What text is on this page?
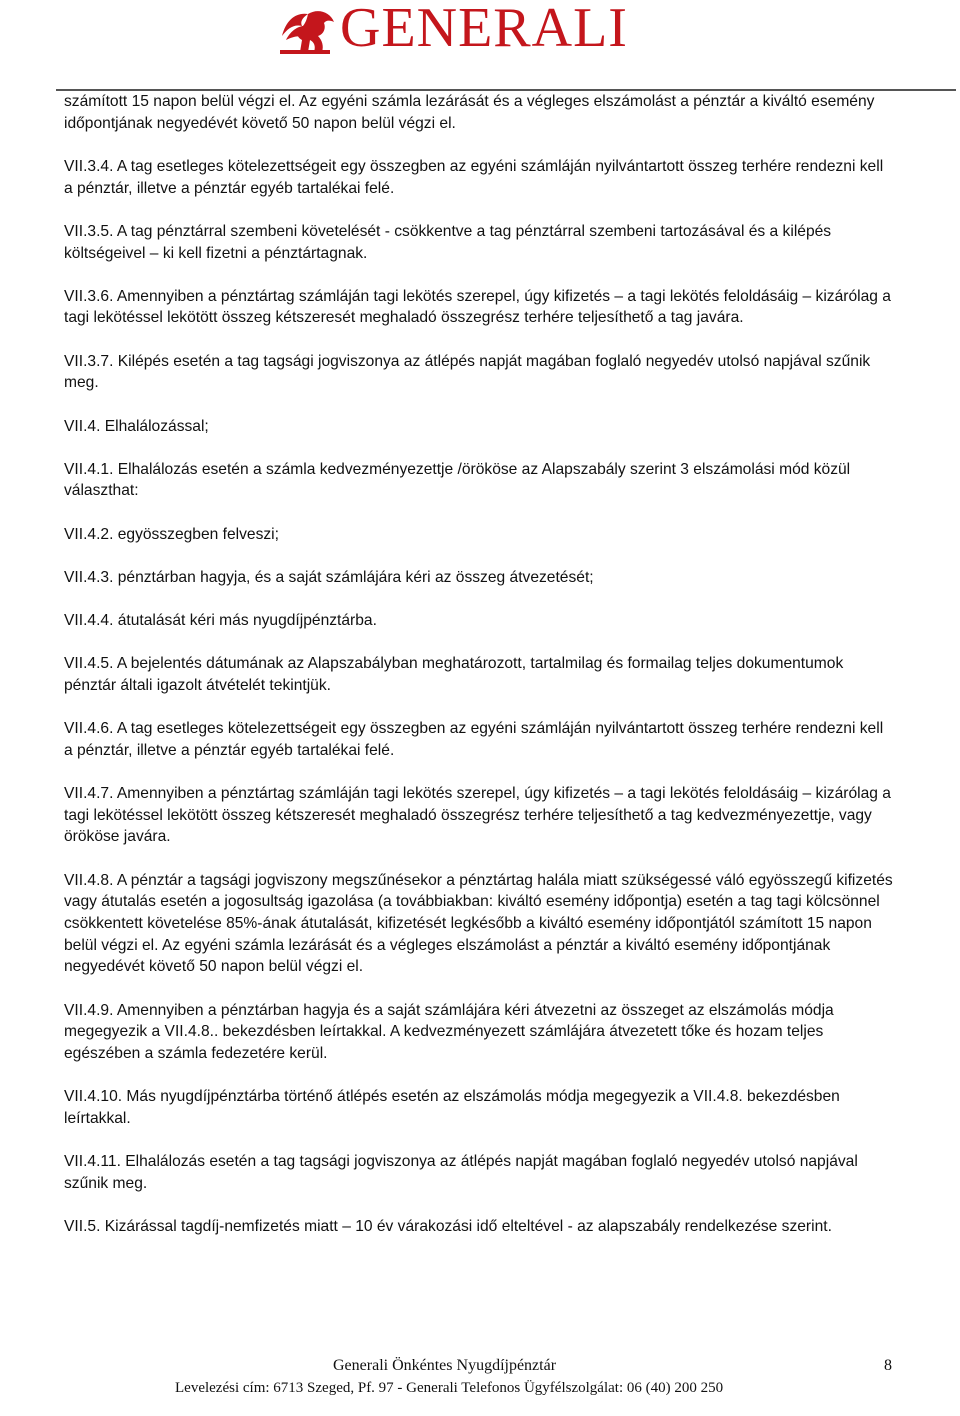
GENERALI

számított 15 napon belül végzi el. Az egyéni számla lezárását és a végleges elszámolást a pénztár a kiváltó esemény időpontjának negyedévét követő 50 napon belül végzi el.

VII.3.4. A tag esetleges kötelezettségeit egy összegben az egyéni számláján nyilvántartott összeg terhére rendezni kell a pénztár, illetve a pénztár egyéb tartalékai felé.

VII.3.5. A tag pénztárral szembeni követelését - csökkentve a tag pénztárral szembeni tartozásával és a kilépés költségeivel – ki kell fizetni a pénztártagnak.

VII.3.6. Amennyiben a pénztártag számláján tagi lekötés szerepel, úgy kifizetés – a tagi lekötés feloldásáig – kizárólag a tagi lekötéssel lekötött összeg kétszeresét meghaladó összegrész terhére teljesíthető a tag javára.

VII.3.7. Kilépés esetén a tag tagsági jogviszonya az átlépés napját magában foglaló negyedév utolsó napjával szűnik meg.

VII.4. Elhalálozással;

VII.4.1. Elhalálozás esetén a számla kedvezményezettje /örököse az Alapszabály szerint 3 elszámolási mód közül választhat:

VII.4.2. egyösszegben felveszi;

VII.4.3. pénztárban hagyja, és a saját számlájára kéri az összeg átvezetését;

VII.4.4. átutalását kéri más nyugdíjpénztárba.

VII.4.5. A bejelentés dátumának az Alapszabályban meghatározott, tartalmilag és formailag teljes dokumentumok pénztár általi igazolt átvételét tekintjük.

VII.4.6. A tag esetleges kötelezettségeit egy összegben az egyéni számláján nyilvántartott összeg terhére rendezni kell a pénztár, illetve a pénztár egyéb tartalékai felé.

VII.4.7. Amennyiben a pénztártag számláján tagi lekötés szerepel, úgy kifizetés – a tagi lekötés feloldásáig – kizárólag a tagi lekötéssel lekötött összeg kétszeresét meghaladó összegrész terhére teljesíthető a tag kedvezményezettje, vagy örököse javára.

VII.4.8. A pénztár a tagsági jogviszony megszűnésekor a pénztártag halála miatt szükségessé váló egyösszegű kifizetés vagy átutalás esetén a jogosultság igazolása (a továbbiakban: kiváltó esemény időpontja) esetén a tag tagi kölcsönnel csökkentett követelése 85%-ának átutalását, kifizetését legkésőbb a kiváltó esemény időpontjától számított 15 napon belül végzi el. Az egyéni számla lezárását és a végleges elszámolást a pénztár a kiváltó esemény időpontjának negyedévét követő 50 napon belül végzi el.

VII.4.9. Amennyiben a pénztárban hagyja és a saját számlájára kéri átvezetni az összeget az elszámolás módja megegyezik a VII.4.8.. bekezdésben leírtakkal. A kedvezményezett számlájára átvezetett tőke és hozam teljes egészében a számla fedezetére kerül.

VII.4.10. Más nyugdíjpénztárba történő átlépés esetén az elszámolás módja megegyezik a VII.4.8. bekezdésben leírtakkal.

VII.4.11. Elhalálozás esetén a tag tagsági jogviszonya az átlépés napját magában foglaló negyedév utolsó napjával szűnik meg.

VII.5. Kizárással tagdíj-nemfizetés miatt – 10 év várakozási idő elteltével - az alapszabály rendelkezése szerint.

Generali Önkéntes Nyugdíjpénztár	8
Levelezési cím: 6713 Szeged, Pf. 97 - Generali Telefonos Ügyfélszolgálat: 06 (40) 200 250
